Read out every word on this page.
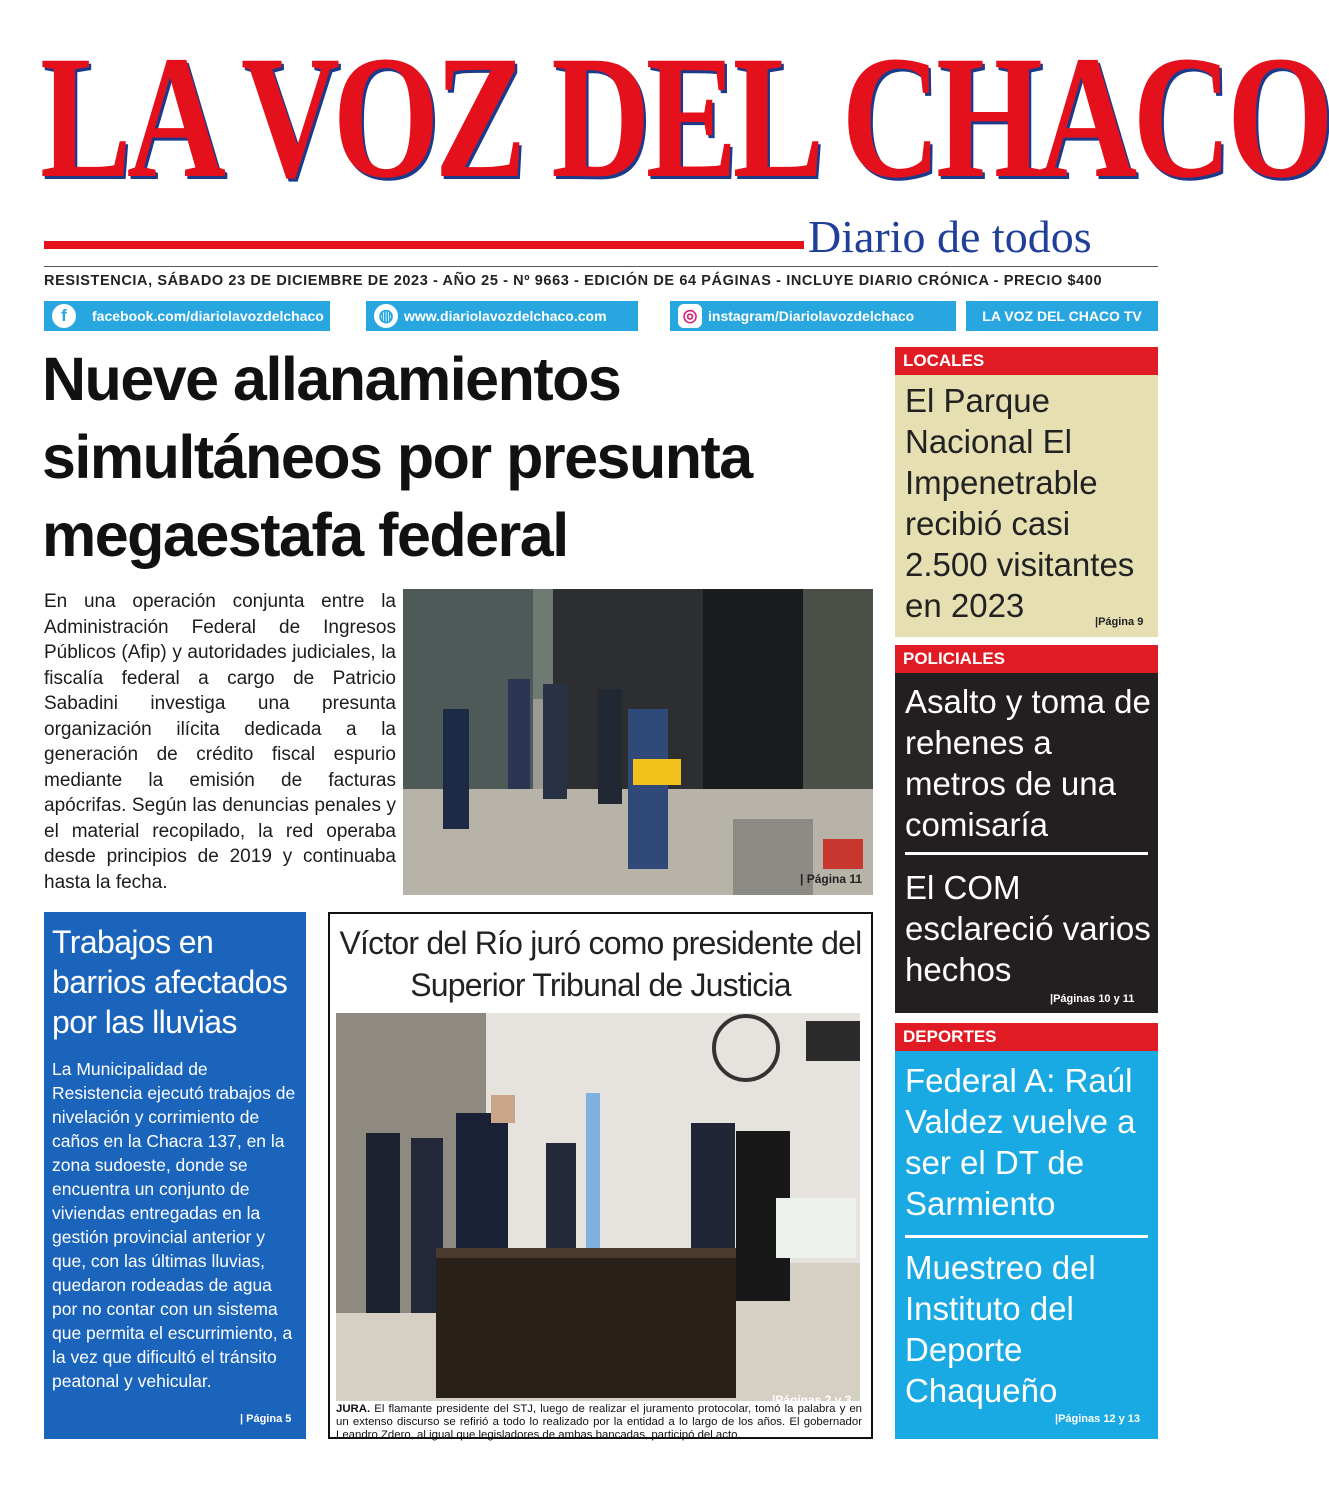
LA VOZ DEL CHACO
Diario de todos
RESISTENCIA, SÁBADO 23 DE DICIEMBRE DE 2023 - AÑO 25 - Nº 9663 - EDICIÓN DE 64 PÁGINAS - INCLUYE DIARIO CRÓNICA - PRECIO $400
f	facebook.com/diariolavozdelchaco	◍ www.diariolavozdelchaco.com	◎ instagram/Diariolavozdelchaco	LA VOZ DEL CHACO TV
Nueve allanamientos simultáneos por presunta megaestafa federal
En una operación conjunta entre la Administración Federal de Ingresos Públicos (Afip) y autoridades judiciales, la fiscalía federal a cargo de Patricio Sabadini investiga una presunta organización ilícita dedicada a la generación de crédito fiscal espurio mediante la emisión de facturas apócrifas. Según las denuncias penales y el material recopilado, la red operaba desde principios de 2019 y continuaba hasta la fecha.	| Página 11
Trabajos en barrios afectados por las lluvias
La Municipalidad de Resistencia ejecutó trabajos de nivelación y corrimiento de caños en la Chacra 137, en la zona sudoeste, donde se encuentra un conjunto de viviendas entregadas en la gestión provincial anterior y que, con las últimas lluvias, quedaron rodeadas de agua por no contar con un sistema que permita el escurrimiento, a la vez que dificultó el tránsito peatonal y vehicular.
| Página 5
Víctor del Río juró como presidente del Superior Tribunal de Justicia
|Páginas 2 y 3
JURA. El flamante presidente del STJ, luego de realizar el juramento protocolar, tomó la palabra y en un extenso discurso se refirió a todo lo realizado por la entidad a lo largo de los años. El gobernador Leandro Zdero, al igual que legisladores de ambas bancadas, participó del acto.
LOCALES
El Parque Nacional El Impenetrable recibió casi 2.500 visitantes en 2023	|Página 9
POLICIALES
Asalto y toma de rehenes a metros de una comisaría
El COM esclareció varios hechos
|Páginas 10 y 11
DEPORTES
Federal A: Raúl Valdez vuelve a ser el DT de Sarmiento
Muestreo del Instituto del Deporte Chaqueño
|Páginas 12 y 13
